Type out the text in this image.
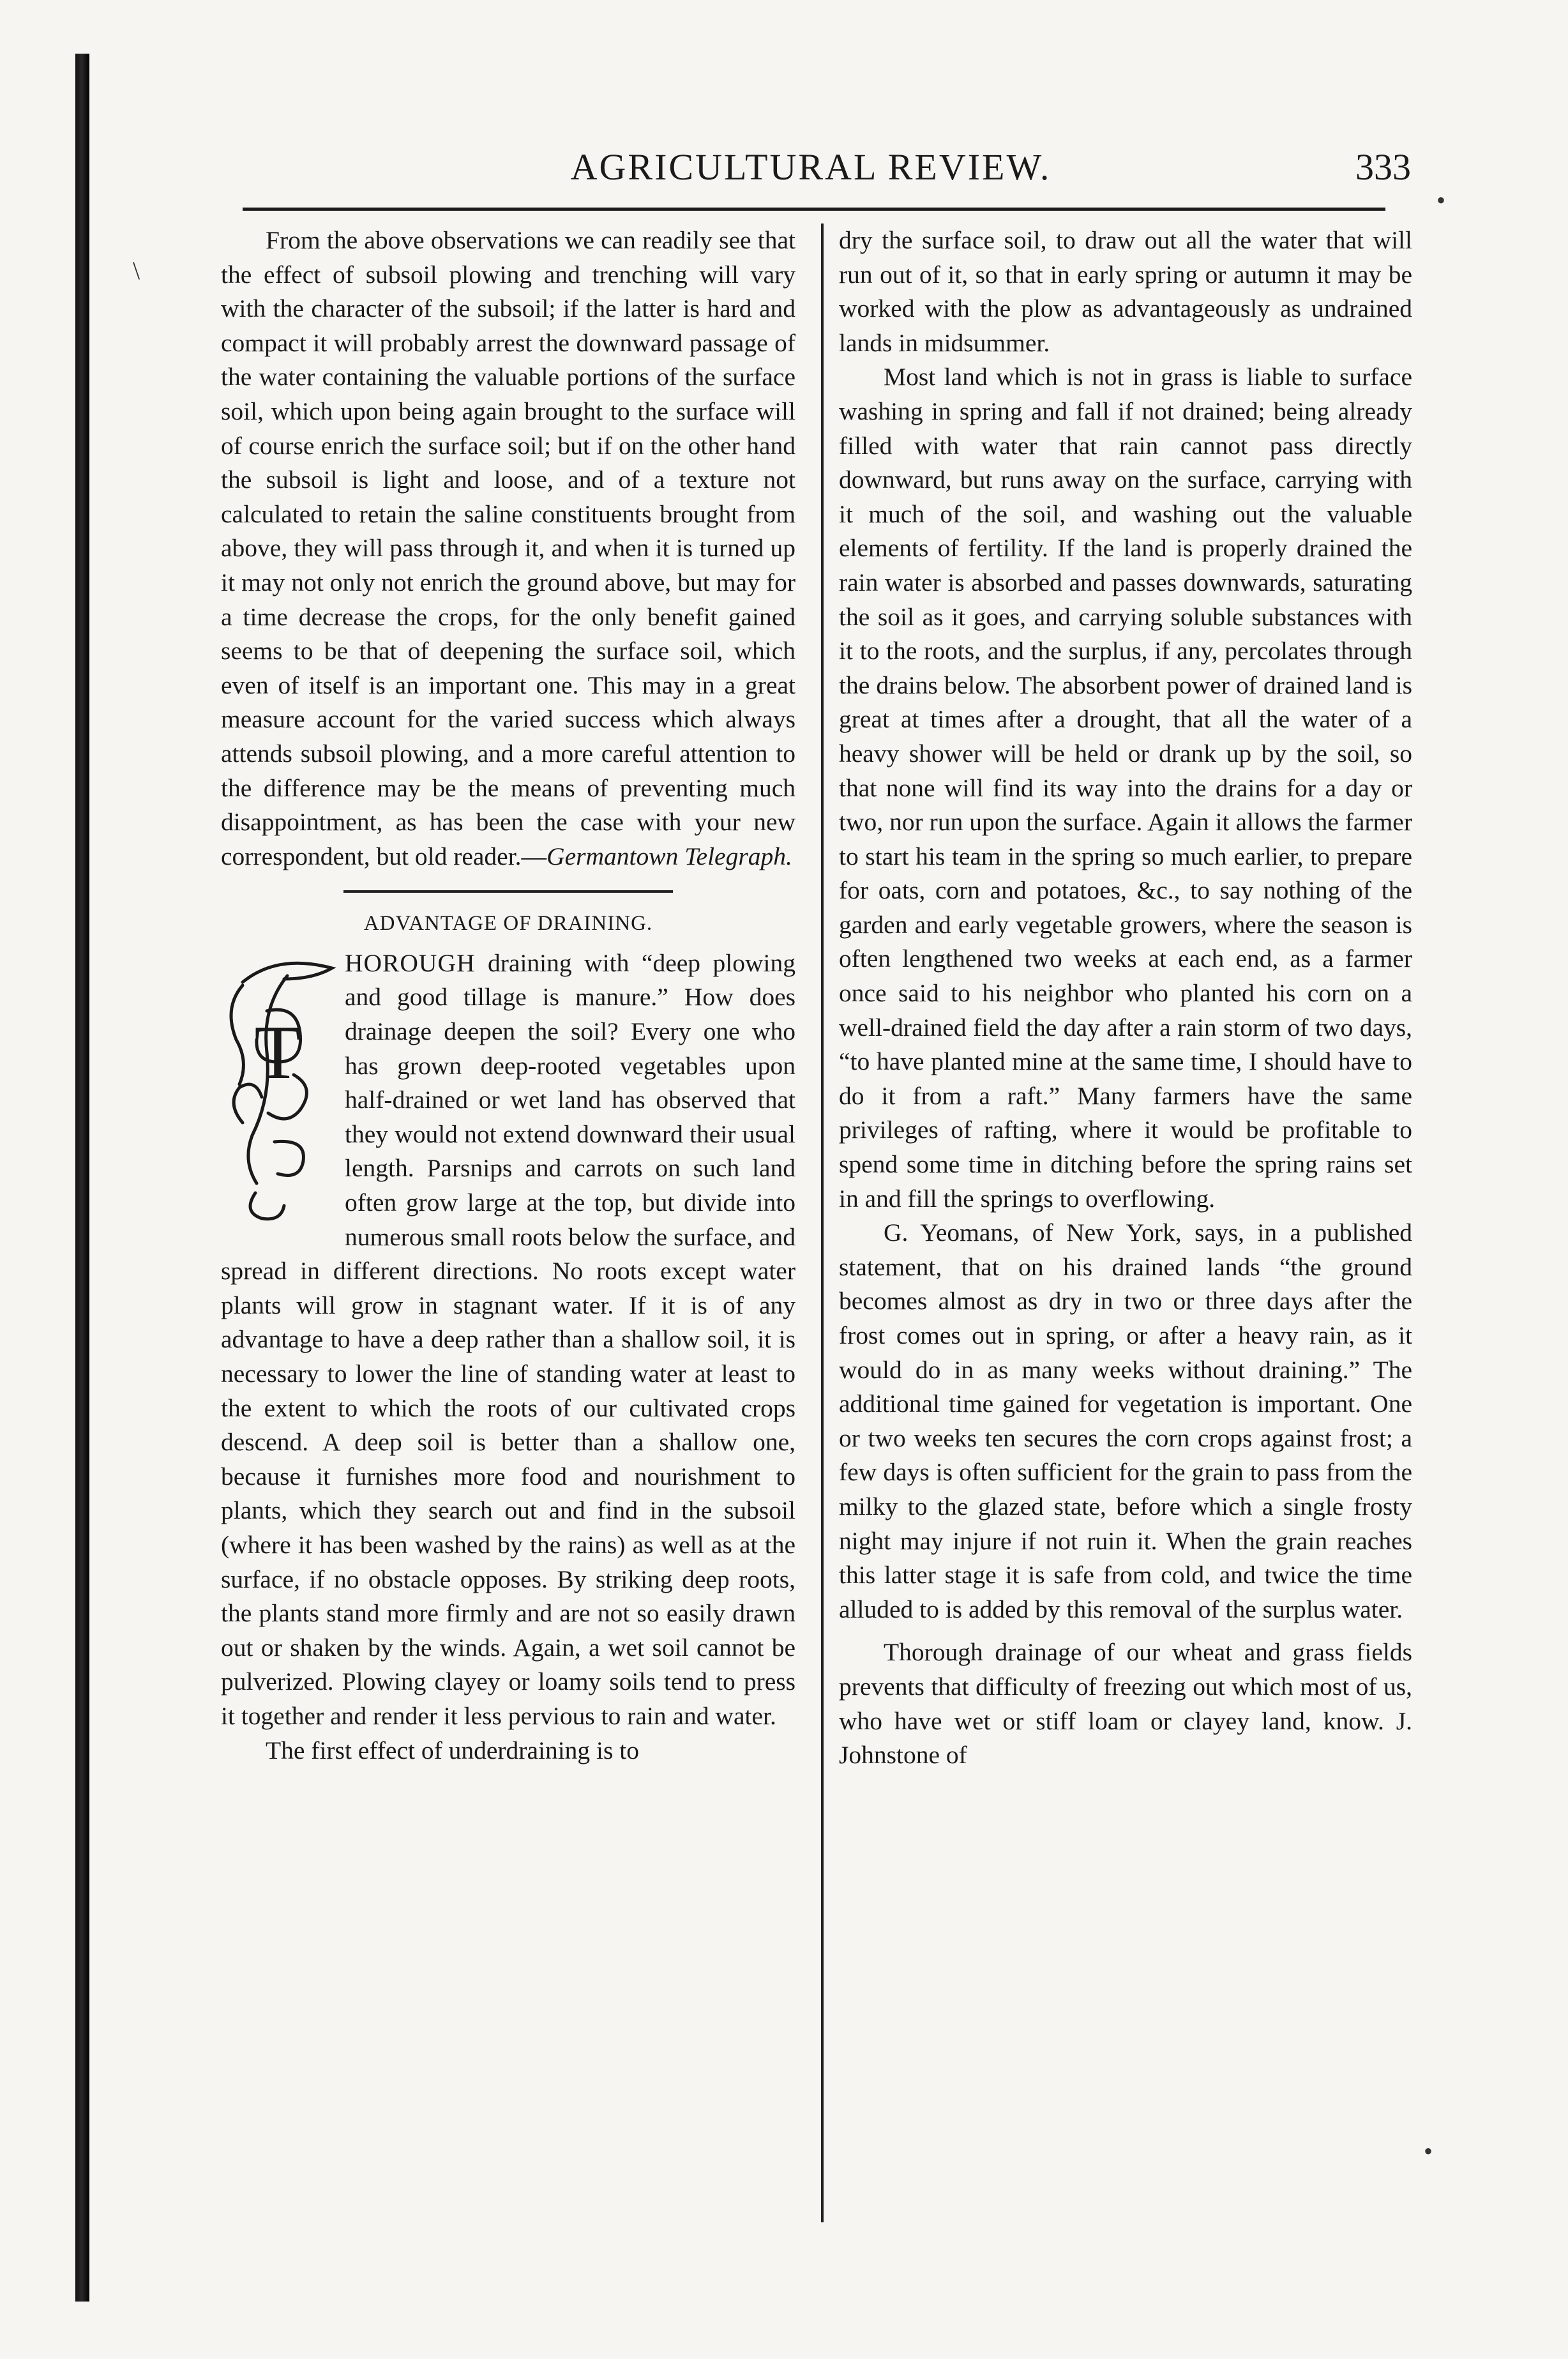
AGRICULTURAL REVIEW.	333
•
\
•

From the above observations we can readily see that the effect of subsoil plowing and trenching will vary with the character of the subsoil; if the latter is hard and compact it will probably arrest the downward passage of the water containing the valuable portions of the surface soil, which upon being again brought to the surface will of course enrich the surface soil; but if on the other hand the subsoil is light and loose, and of a texture not calculated to retain the saline constituents brought from above, they will pass through it, and when it is turned up it may not only not enrich the ground above, but may for a time decrease the crops, for the only benefit gained seems to be that of deepening the surface soil, which even of itself is an important one. This may in a great measure account for the varied success which always attends subsoil plowing, and a more careful attention to the difference may be the means of preventing much disappointment, as has been the case with your new correspondent, but old reader.—Germantown Telegraph.

ADVANTAGE OF DRAINING.

T
HOROUGH draining with “deep plowing and good tillage is manure.” How does drainage deepen the soil? Every one who has grown deep-rooted vegetables upon half-drained or wet land has observed that they would not extend downward their usual length. Parsnips and carrots on such land often grow large at the top, but divide into numerous small roots below the surface, and spread in different directions. No roots except water plants will grow in stagnant water. If it is of any advantage to have a deep rather than a shallow soil, it is necessary to lower the line of standing water at least to the extent to which the roots of our cultivated crops descend. A deep soil is better than a shallow one, because it furnishes more food and nourishment to plants, which they search out and find in the subsoil (where it has been washed by the rains) as well as at the surface, if no obstacle opposes. By striking deep roots, the plants stand more firmly and are not so easily drawn out or shaken by the winds. Again, a wet soil cannot be pulverized. Plowing clayey or loamy soils tend to press it together and render it less pervious to rain and water.

The first effect of underdraining is to

dry the surface soil, to draw out all the water that will run out of it, so that in early spring or autumn it may be worked with the plow as advantageously as undrained lands in midsummer.

Most land which is not in grass is liable to surface washing in spring and fall if not drained; being already filled with water that rain cannot pass directly downward, but runs away on the surface, carrying with it much of the soil, and washing out the valuable elements of fertility. If the land is properly drained the rain water is absorbed and passes downwards, saturating the soil as it goes, and carrying soluble substances with it to the roots, and the surplus, if any, percolates through the drains below. The absorbent power of drained land is great at times after a drought, that all the water of a heavy shower will be held or drank up by the soil, so that none will find its way into the drains for a day or two, nor run upon the surface. Again it allows the farmer to start his team in the spring so much earlier, to prepare for oats, corn and potatoes, &c., to say nothing of the garden and early vegetable growers, where the season is often lengthened two weeks at each end, as a farmer once said to his neighbor who planted his corn on a well-drained field the day after a rain storm of two days, “to have planted mine at the same time, I should have to do it from a raft.” Many farmers have the same privileges of rafting, where it would be profitable to spend some time in ditching before the spring rains set in and fill the springs to overflowing.

G. Yeomans, of New York, says, in a published statement, that on his drained lands “the ground becomes almost as dry in two or three days after the frost comes out in spring, or after a heavy rain, as it would do in as many weeks without draining.” The additional time gained for vegetation is important. One or two weeks ten secures the corn crops against frost; a few days is often sufficient for the grain to pass from the milky to the glazed state, before which a single frosty night may injure if not ruin it. When the grain reaches this latter stage it is safe from cold, and twice the time alluded to is added by this removal of the surplus water.

Thorough drainage of our wheat and grass fields prevents that difficulty of freezing out which most of us, who have wet or stiff loam or clayey land, know. J. Johnstone of
